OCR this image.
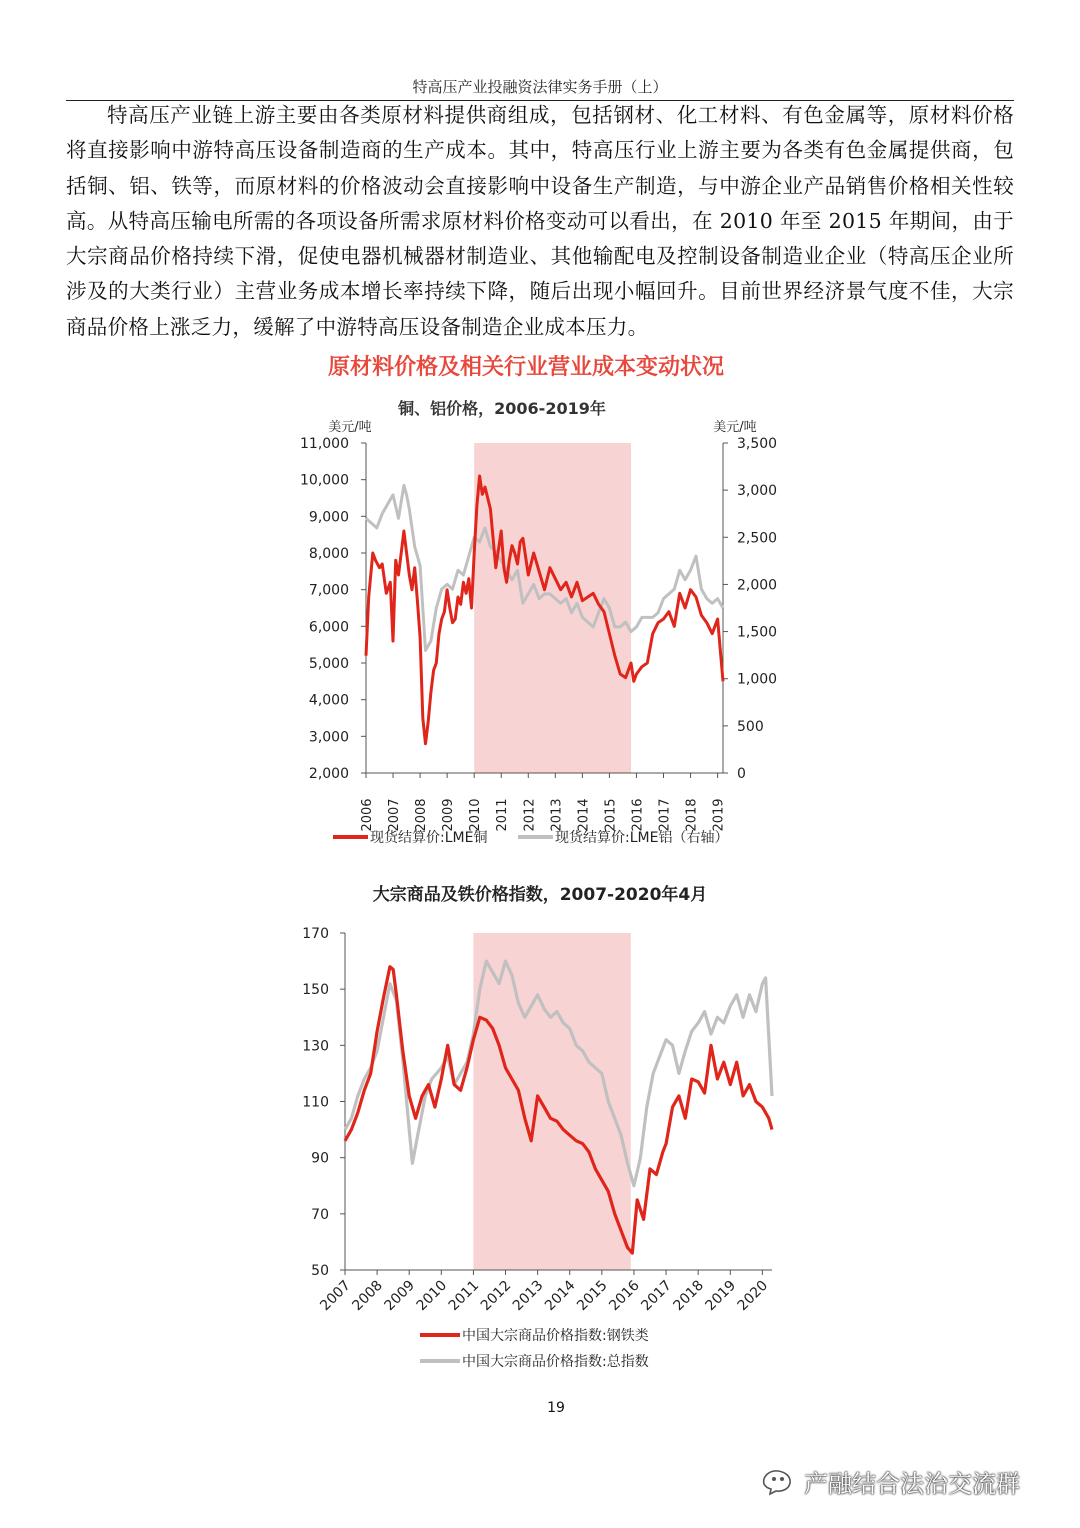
特高压产业投融资法律实务手册（上）

特高压产业链上游主要由各类原材料提供商组成，包括钢材、化工材料、有色金属等，原材料价格将直接影响中游特高压设备制造商的生产成本。其中，特高压行业上游主要为各类有色金属提供商，包括铜、铝、铁等，而原材料的价格波动会直接影响中设备生产制造，与中游企业产品销售价格相关性较高。从特高压输电所需的各项设备所需求原材料价格变动可以看出，在 2010 年至 2015 年期间，由于大宗商品价格持续下滑，促使电器机械器材制造业、其他输配电及控制设备制造业企业（特高压企业所涉及的大类行业）主营业务成本增长率持续下降，随后出现小幅回升。目前世界经济景气度不佳，大宗商品价格上涨乏力，缓解了中游特高压设备制造企业成本压力。

原材料价格及相关行业营业成本变动状况
铜、铝价格，2006-2019年
美元/吨	美元/吨
2,000
3,000
4,000
5,000
6,000
7,000
8,000
9,000
10,000
11,000
0
500
1,000
1,500
2,000
2,500
3,000
3,500
2006 2007 2008 2009 2010 2011 2012 2013 2014 2015 2016 2017 2018 2019
现货结算价:LME铜	现货结算价:LME铝（右轴）
大宗商品及铁价格指数，2007-2020年4月
50
70
90
110
130
150
170
2007
2008
2009
2010
2011
2012
2013
2014
2015
2016
2017
2018
2019
2020
中国大宗商品价格指数:钢铁类
中国大宗商品价格指数:总指数
19
产融结合法治交流群
